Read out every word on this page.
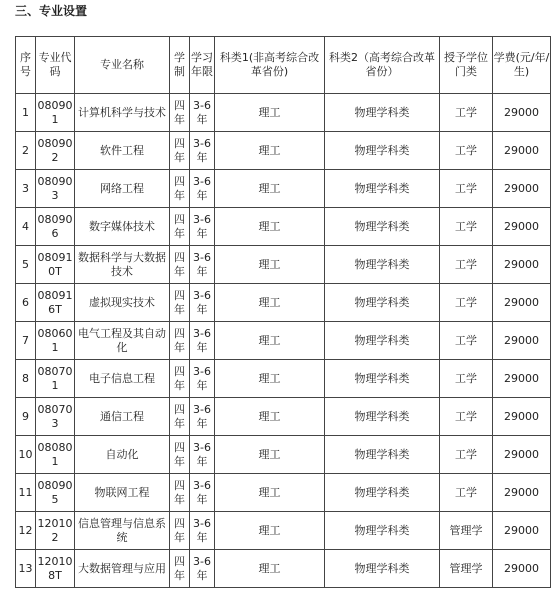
三、专业设置
序号	专业代码	专业名称	学制	学习年限	科类1(非高考综合改革省份)	科类2（高考综合改革省份）	授予学位门类	学费(元/年/生)
1	080901	计算机科学与技术	四年	3-6年	理工	物理学科类	工学	29000
2	080902	软件工程	四年	3-6年	理工	物理学科类	工学	29000
3	080903	网络工程	四年	3-6年	理工	物理学科类	工学	29000
4	080906	数字媒体技术	四年	3-6年	理工	物理学科类	工学	29000
5	080910T	数据科学与大数据技术	四年	3-6年	理工	物理学科类	工学	29000
6	080916T	虚拟现实技术	四年	3-6年	理工	物理学科类	工学	29000
7	080601	电气工程及其自动化	四年	3-6年	理工	物理学科类	工学	29000
8	080701	电子信息工程	四年	3-6年	理工	物理学科类	工学	29000
9	080703	通信工程	四年	3-6年	理工	物理学科类	工学	29000
10	080801	自动化	四年	3-6年	理工	物理学科类	工学	29000
11	080905	物联网工程	四年	3-6年	理工	物理学科类	工学	29000
12	120102	信息管理与信息系统	四年	3-6年	理工	物理学科类	管理学	29000
13	120108T	大数据管理与应用	四年	3-6年	理工	物理学科类	管理学	29000
